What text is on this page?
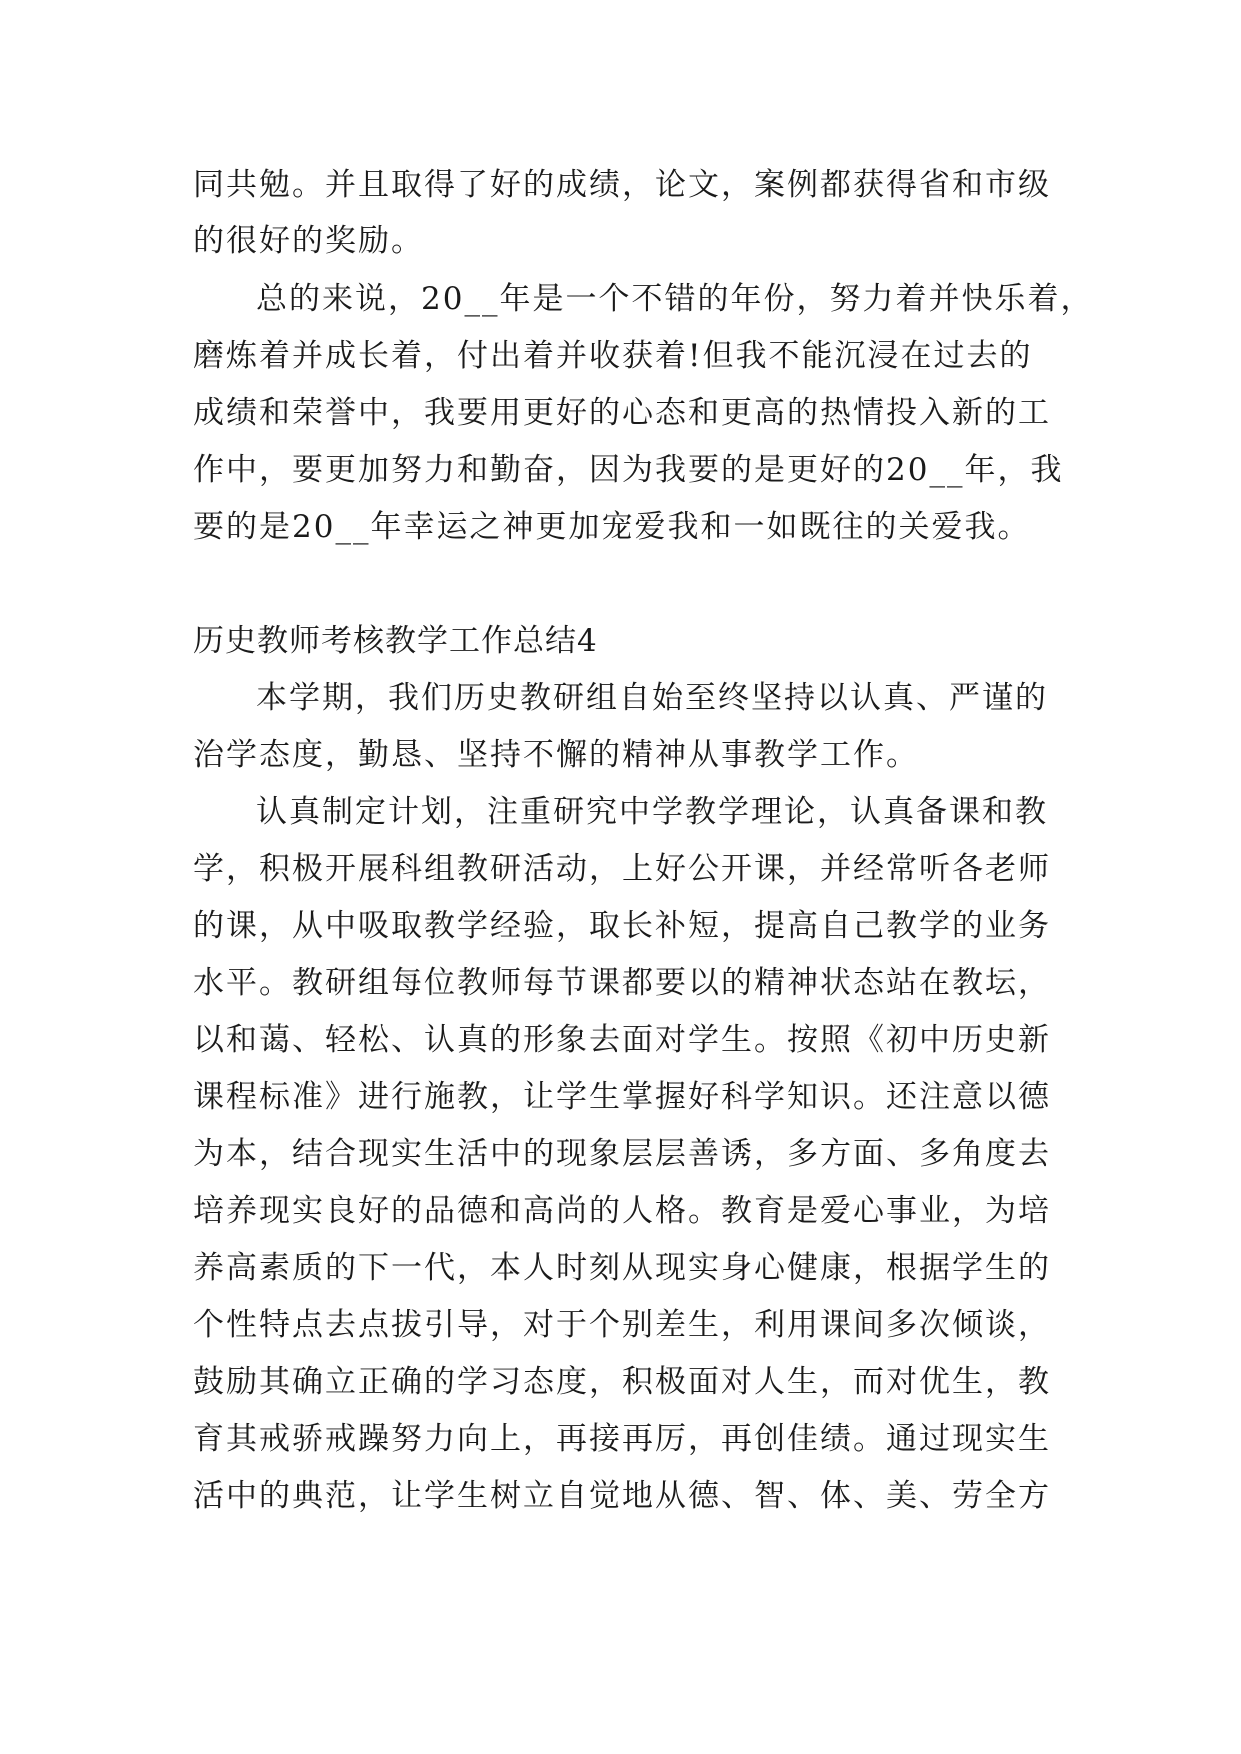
同共勉。并且取得了好的成绩，论文，案例都获得省和市级
的很好的奖励。
总的来说，20__年是一个不错的年份，努力着并快乐着，
磨炼着并成长着，付出着并收获着!但我不能沉浸在过去的
成绩和荣誉中，我要用更好的心态和更高的热情投入新的工
作中，要更加努力和勤奋，因为我要的是更好的20__年，我
要的是20__年幸运之神更加宠爱我和一如既往的关爱我。
历史教师考核教学工作总结4
本学期，我们历史教研组自始至终坚持以认真、严谨的
治学态度，勤恳、坚持不懈的精神从事教学工作。
认真制定计划，注重研究中学教学理论，认真备课和教
学，积极开展科组教研活动，上好公开课，并经常听各老师
的课，从中吸取教学经验，取长补短，提高自己教学的业务
水平。教研组每位教师每节课都要以的精神状态站在教坛，
以和蔼、轻松、认真的形象去面对学生。按照《初中历史新
课程标准》进行施教，让学生掌握好科学知识。还注意以德
为本，结合现实生活中的现象层层善诱，多方面、多角度去
培养现实良好的品德和高尚的人格。教育是爱心事业，为培
养高素质的下一代，本人时刻从现实身心健康，根据学生的
个性特点去点拔引导，对于个别差生，利用课间多次倾谈，
鼓励其确立正确的学习态度，积极面对人生，而对优生，教
育其戒骄戒躁努力向上，再接再厉，再创佳绩。通过现实生
活中的典范，让学生树立自觉地从德、智、体、美、劳全方
